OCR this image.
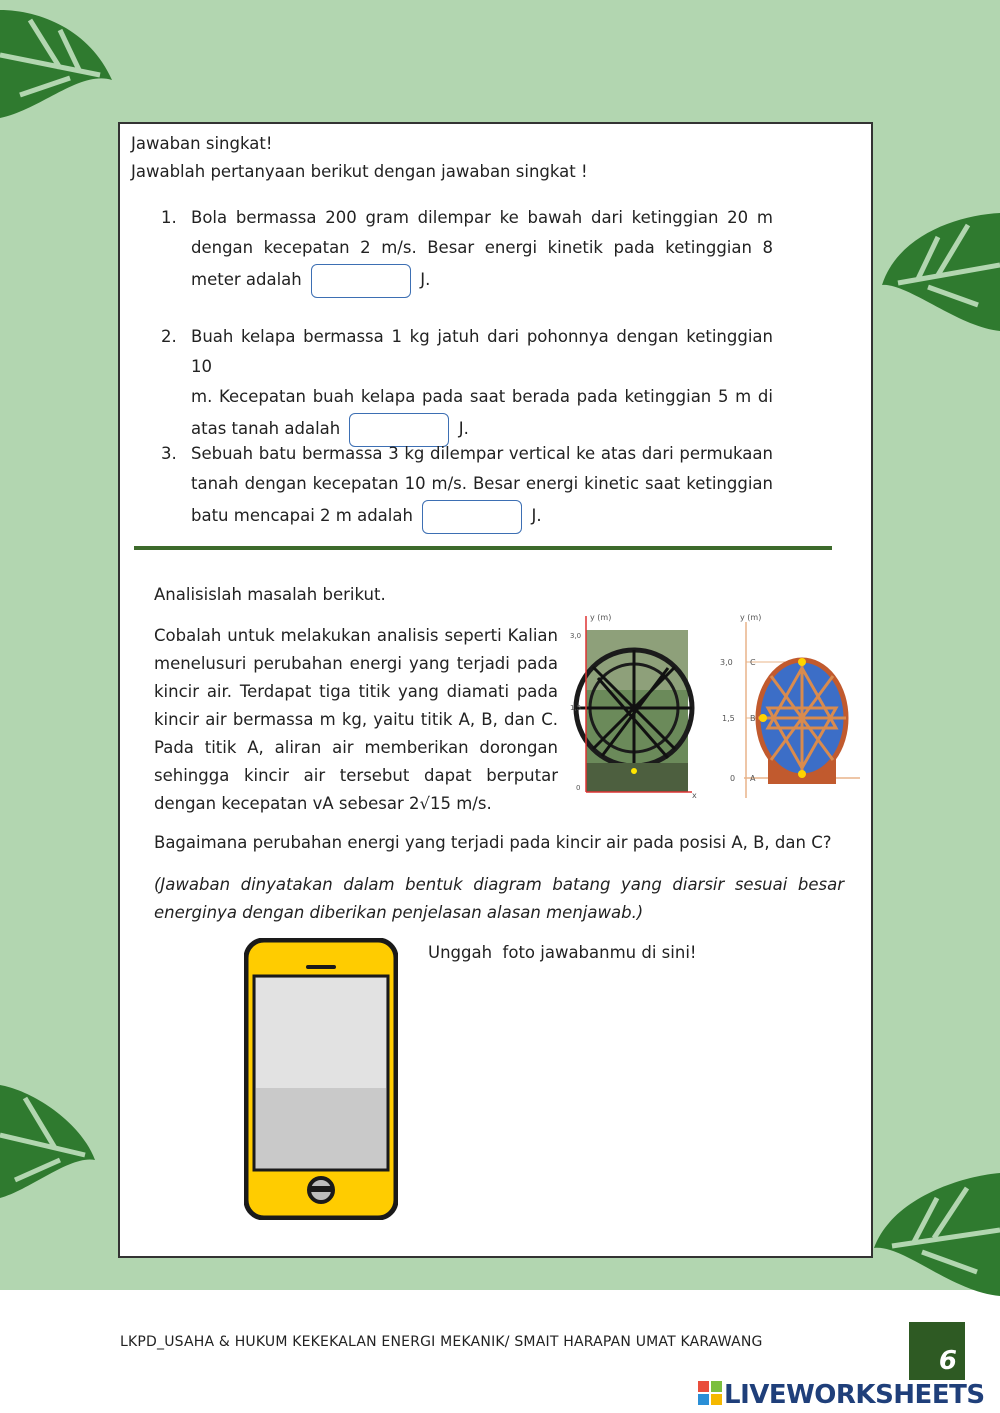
Jawaban singkat!
Jawablah pertanyaan berikut dengan jawaban singkat !
1. Bola bermassa 200 gram dilempar ke bawah dari ketinggian 20 m
dengan kecepatan 2 m/s. Besar energi kinetik pada ketinggian 8
meter adalah	J.
2. Buah kelapa bermassa 1 kg jatuh dari pohonnya dengan ketinggian 10
m. Kecepatan buah kelapa pada saat berada pada ketinggian 5 m di
atas tanah adalah	J.
3. Sebuah batu bermassa 3 kg dilempar vertical ke atas dari permukaan
tanah dengan kecepatan 10 m/s. Besar energi kinetic saat ketinggian
batu mencapai 2 m adalah	J.
Analisislah masalah berikut.
Cobalah untuk melakukan analisis seperti Kalian
menelusuri perubahan energi yang terjadi pada
kincir air. Terdapat tiga titik yang diamati pada
kincir air bermassa m kg, yaitu titik A, B, dan C.
Pada titik A, aliran air memberikan dorongan
sehingga kincir air tersebut dapat berputar
dengan kecepatan vA sebesar 2√15 m/s.
y (m)
3,0
1,5
0
x
y (m)
3,0 C
1,5 B
0 A
Bagaimana perubahan energi yang terjadi pada kincir air pada posisi A, B, dan C?
(Jawaban dinyatakan dalam bentuk diagram batang yang diarsir sesuai besar
energinya dengan diberikan penjelasan alasan menjawab.)
Unggah  foto jawabanmu di sini!
LKPD_USAHA & HUKUM KEKEKALAN ENERGI MEKANIK/ SMAIT HARAPAN UMAT KARAWANG
6
LIVEWORKSHEETS
